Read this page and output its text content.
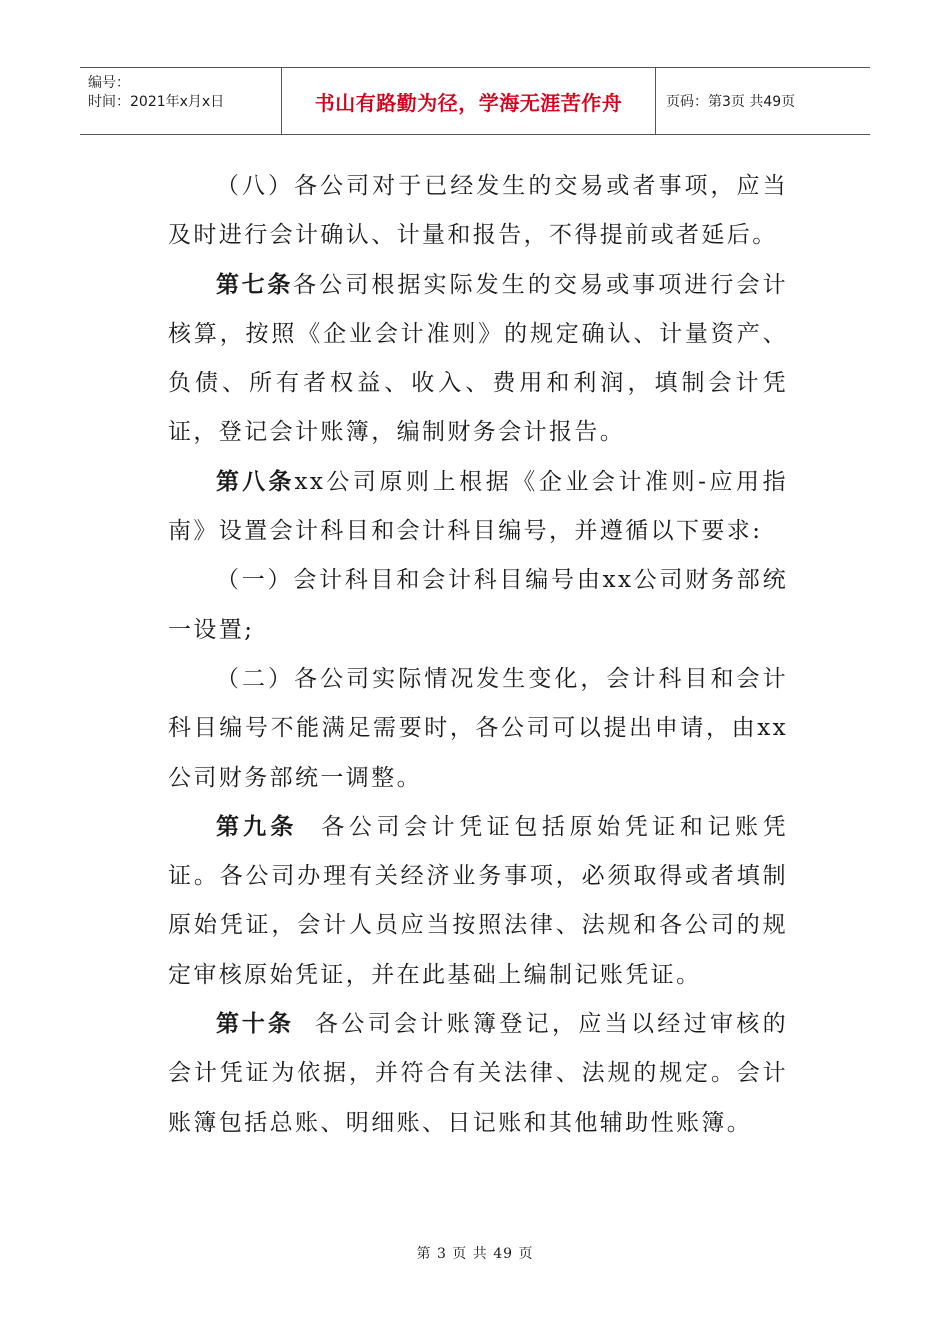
编号：
时间：2021年x月x日	书山有路勤为径，学海无涯苦作舟	页码：第3页 共49页

（八）各公司对于已经发生的交易或者事项，应当及时进行会计确认、计量和报告，不得提前或者延后。

第七条各公司根据实际发生的交易或事项进行会计核算，按照《企业会计准则》的规定确认、计量资产、负债、所有者权益、收入、费用和利润，填制会计凭证，登记会计账簿，编制财务会计报告。

第八条xx公司原则上根据《企业会计准则-应用指南》设置会计科目和会计科目编号，并遵循以下要求:

（一）会计科目和会计科目编号由xx公司财务部统一设置;

（二）各公司实际情况发生变化，会计科目和会计科目编号不能满足需要时，各公司可以提出申请，由xx公司财务部统一调整。

第九条  各公司会计凭证包括原始凭证和记账凭证。各公司办理有关经济业务事项，必须取得或者填制原始凭证，会计人员应当按照法律、法规和各公司的规定审核原始凭证，并在此基础上编制记账凭证。

第十条  各公司会计账簿登记，应当以经过审核的会计凭证为依据，并符合有关法律、法规的规定。会计账簿包括总账、明细账、日记账和其他辅助性账簿。

第 3 页 共 49 页
